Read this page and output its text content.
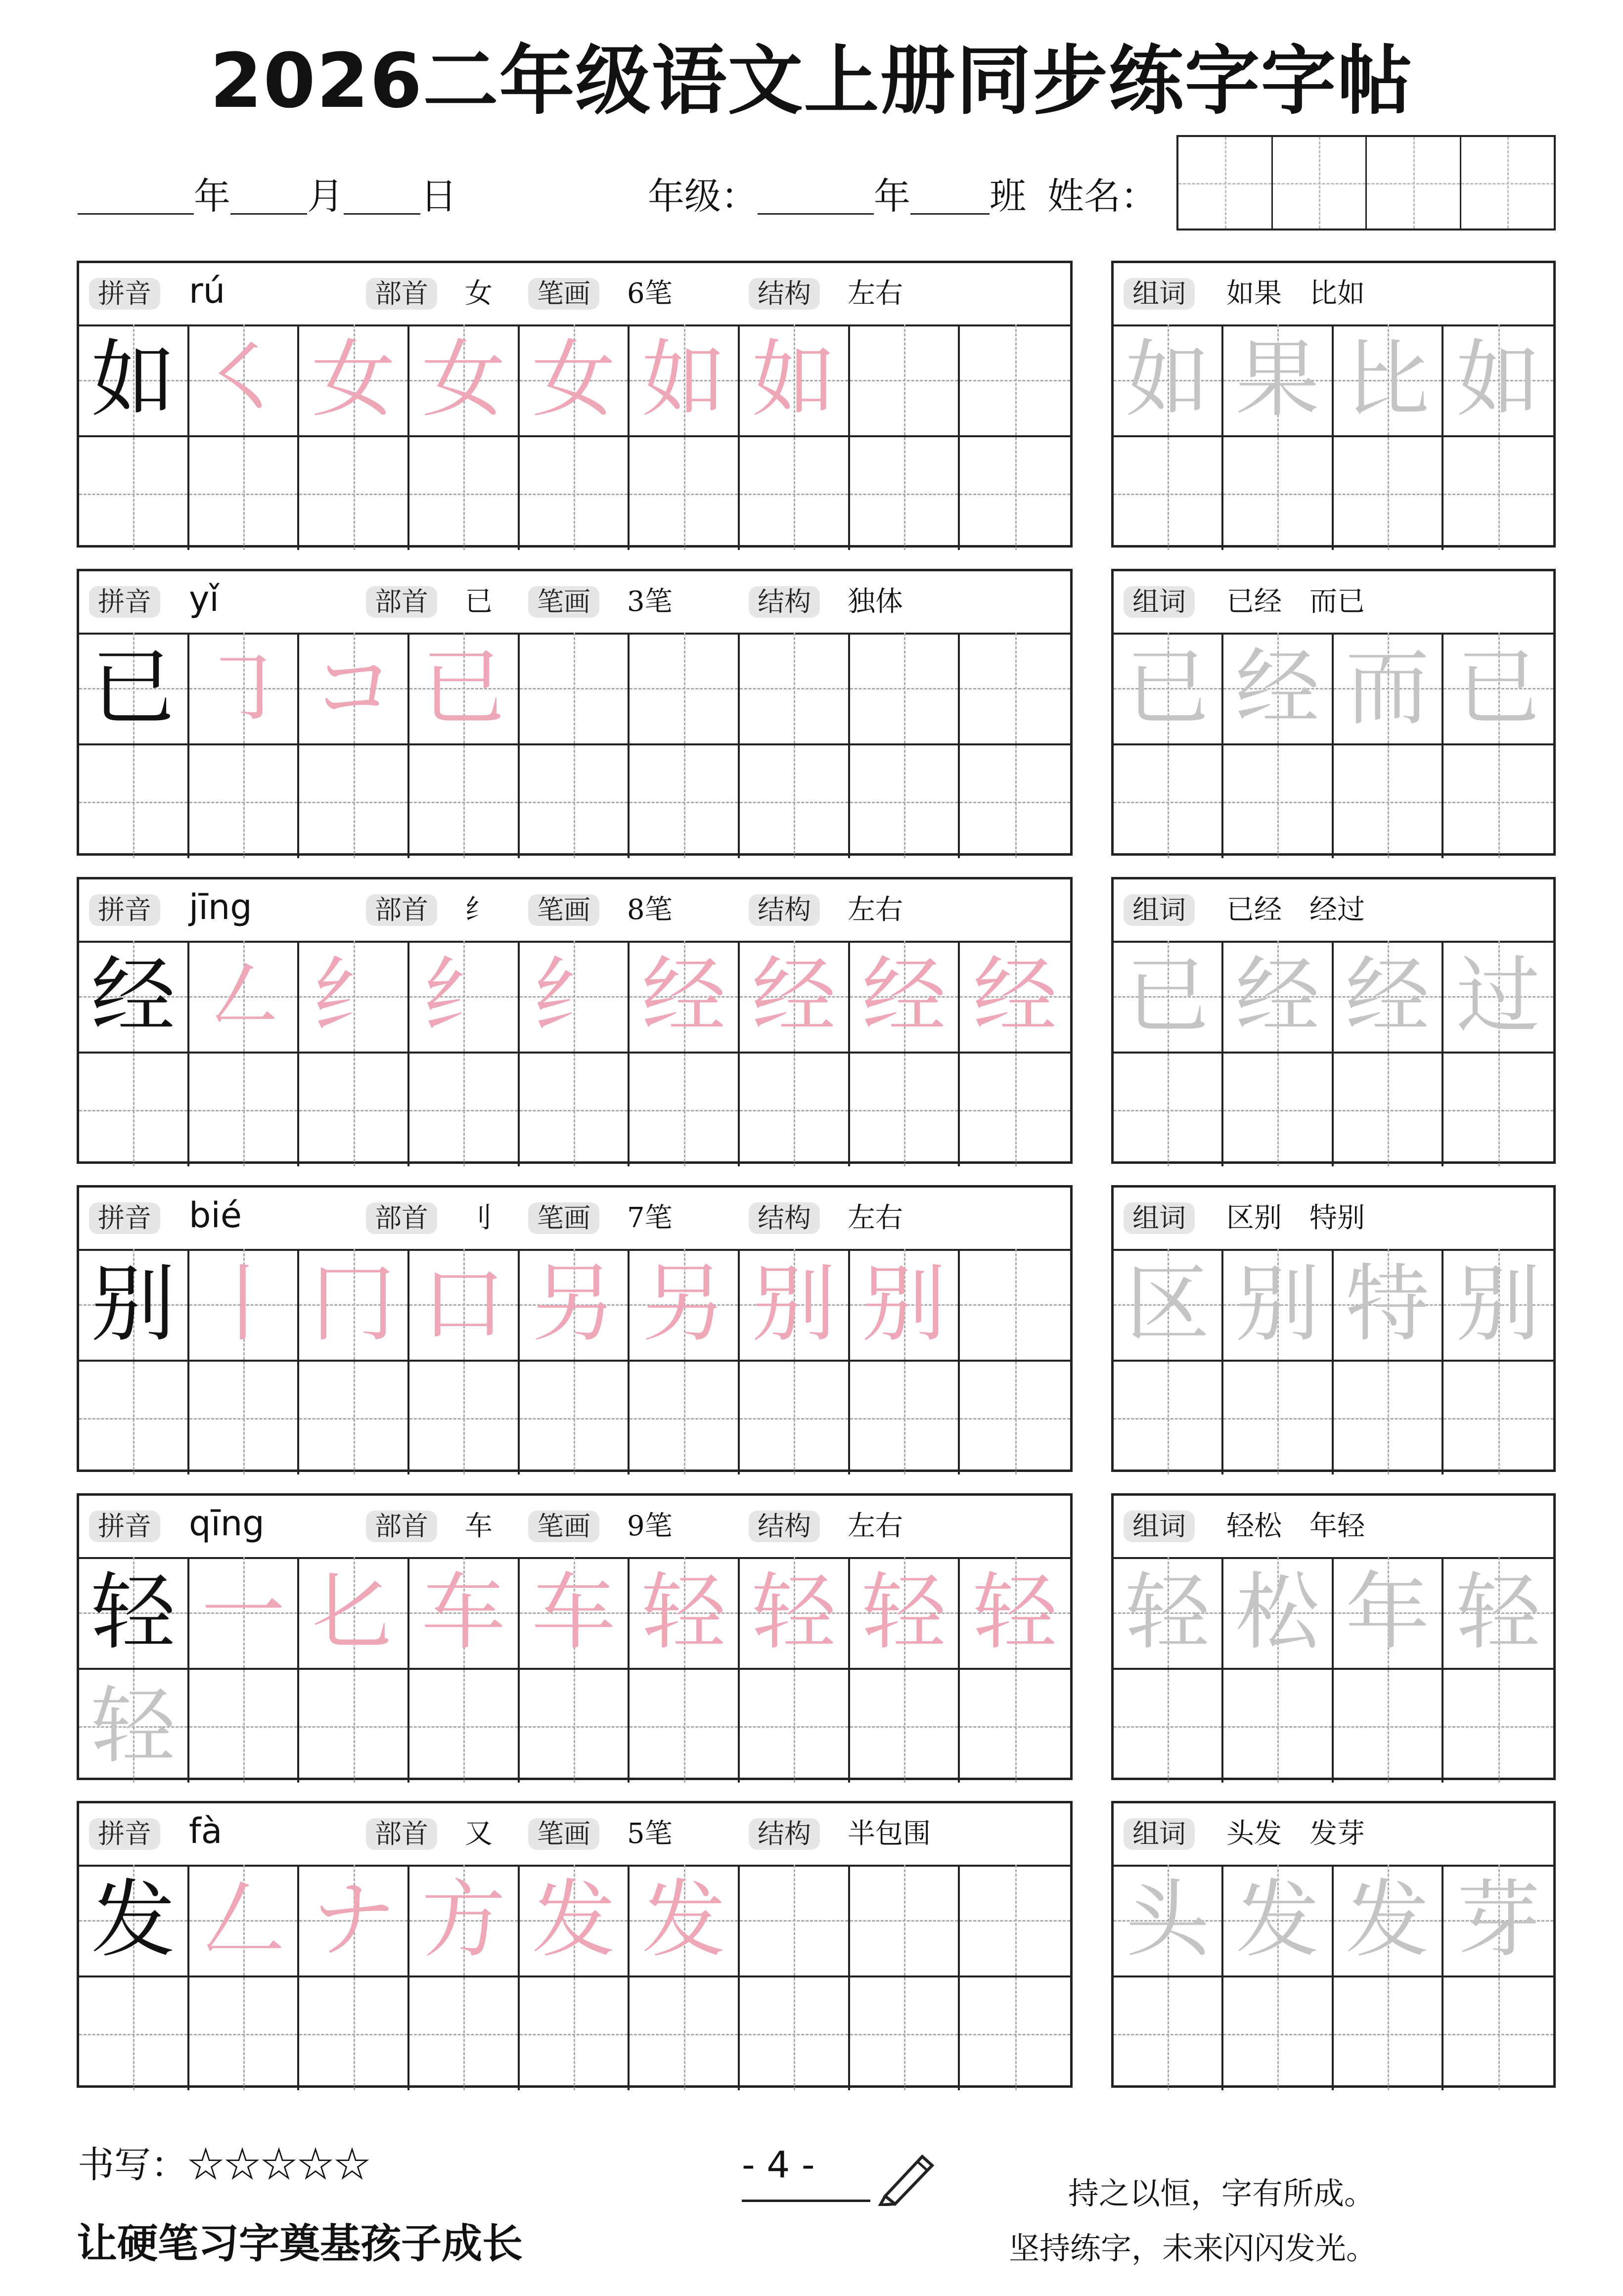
2026二年级语文上册同步练字字帖
年 月 日	年级：	年 班 姓名：
拼音 rú	部首	女	笔画	6笔	结构	左右
如 ㇛ 女 女 女 如 如
组词	如果　比如
如 果 比 如
拼音 yǐ	部首	已	笔画	3笔	结构	独体
已 ㇆ コ 已
组词	已经　而已
已 经 而 已
拼音 jīng	部首	纟	笔画	8笔	结构	左右
经 ㇜ 纟 纟 纟 经 经 经 经
组词	已经　经过
已 经 经 过
拼音 bié	部首	刂	笔画	7笔	结构	左右
别 丨 冂 口 另 另 别 别
组词	区别　特别
区 别 特 别
拼音 qīng	部首	车	笔画	9笔	结构	左右
轻 一 𠤎 车 车 轻 轻 轻 轻
轻
组词	轻松　年轻
轻 松 年 轻
拼音 fà	部首	又	笔画	5笔	结构	半包围
发 𠃋 ナ 方 发 发
组词	头发　发芽
头 发 发 芽
书写：☆☆☆☆☆	- 4 -
持之以恒，字有所成。
坚持练字，未来闪闪发光。
让硬笔习字奠基孩子成长
